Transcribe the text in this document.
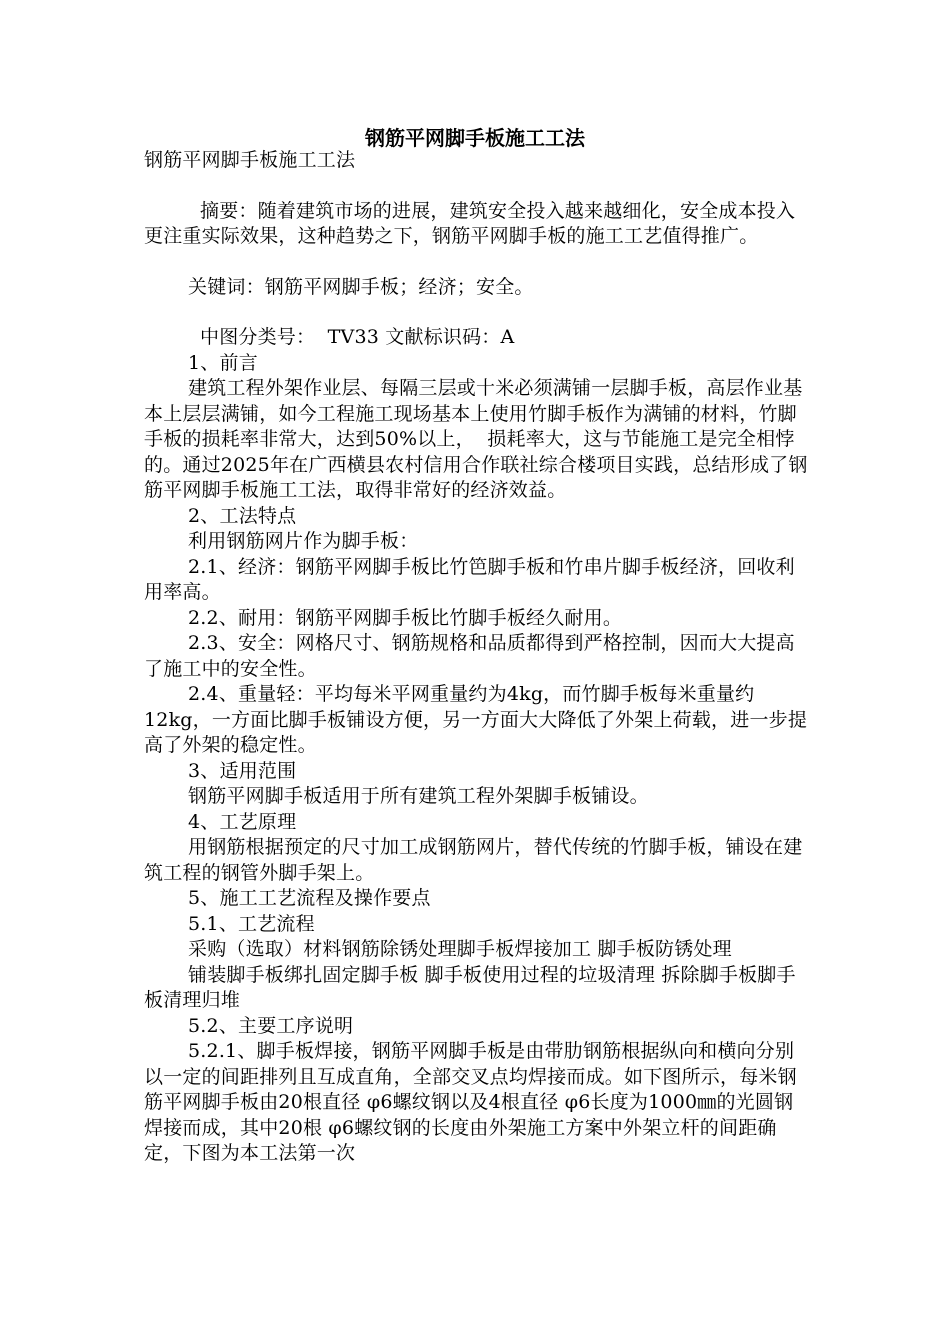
钢筋平网脚手板施工工法

钢筋平网脚手板施工工法

摘要：随着建筑市场的进展，建筑安全投入越来越细化，安全成本投入更注重实际效果，这种趋势之下，钢筋平网脚手板的施工工艺值得推广。

关键词：钢筋平网脚手板；经济；安全。

中图分类号：  TV33 文献标识码：A

1、前言

建筑工程外架作业层、每隔三层或十米必须满铺一层脚手板，高层作业基本上层层满铺，如今工程施工现场基本上使用竹脚手板作为满铺的材料，竹脚手板的损耗率非常大，达到50%以上，  损耗率大，这与节能施工是完全相悖的。通过2025年在广西横县农村信用合作联社综合楼项目实践，总结形成了钢筋平网脚手板施工工法，取得非常好的经济效益。

2、工法特点

利用钢筋网片作为脚手板：

2.1、经济：钢筋平网脚手板比竹笆脚手板和竹串片脚手板经济，回收利用率高。

2.2、耐用：钢筋平网脚手板比竹脚手板经久耐用。

2.3、安全：网格尺寸、钢筋规格和品质都得到严格控制，因而大大提高了施工中的安全性。

2.4、重量轻：平均每米平网重量约为4kg，而竹脚手板每米重量约12kg，一方面比脚手板铺设方便，另一方面大大降低了外架上荷载，进一步提高了外架的稳定性。

3、适用范围

钢筋平网脚手板适用于所有建筑工程外架脚手板铺设。

4、工艺原理

用钢筋根据预定的尺寸加工成钢筋网片，替代传统的竹脚手板，铺设在建筑工程的钢管外脚手架上。

5、施工工艺流程及操作要点

5.1、工艺流程

采购（选取）材料钢筋除锈处理脚手板焊接加工 脚手板防锈处理

铺装脚手板绑扎固定脚手板 脚手板使用过程的垃圾清理 拆除脚手板脚手板清理归堆

5.2、主要工序说明

5.2.1、脚手板焊接，钢筋平网脚手板是由带肋钢筋根据纵向和横向分别以一定的间距排列且互成直角，全部交叉点均焊接而成。如下图所示，每米钢筋平网脚手板由20根直径 φ6螺纹钢以及4根直径 φ6长度为1000㎜的光圆钢焊接而成，其中20根 φ6螺纹钢的长度由外架施工方案中外架立杆的间距确定，下图为本工法第一次
